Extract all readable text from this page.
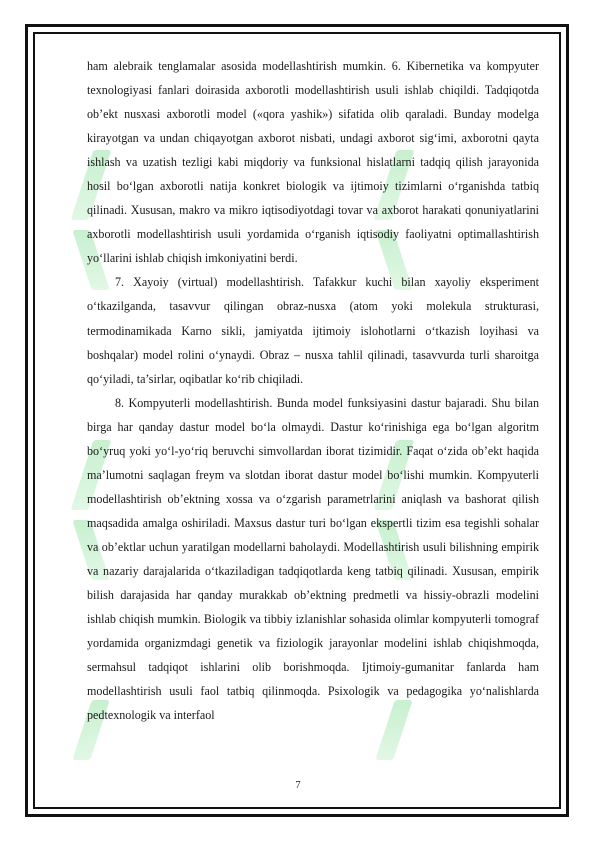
ham alebraik tenglamalar asosida modellashtirish mumkin. 6. Kibernetika va kompyuter texnologiyasi fanlari doirasida axborotli modellashtirish usuli ishlab chiqildi. Tadqiqotda ob’ekt nusxasi axborotli model («qora yashik») sifatida olib qaraladi. Bunday modelga kirayotgan va undan chiqayotgan axborot nisbati, undagi axborot sig‘imi, axborotni qayta ishlash va uzatish tezligi kabi miqdoriy va funksional hislatlarni tadqiq qilish jarayonida hosil bo‘lgan axborotli natija konkret biologik va ijtimoiy tizimlarni o‘rganishda tatbiq qilinadi. Xususan, makro va mikro iqtisodiyotdagi tovar va axborot harakati qonuniyatlarini axborotli modellashtirish usuli yordamida o‘rganish iqtisodiy faoliyatni optimallashtirish yo‘llarini ishlab chiqish imkoniyatini berdi.

7. Xayoiy (virtual) modellashtirish. Tafakkur kuchi bilan xayoliy eksperiment o‘tkazilganda, tasavvur qilingan obraz-nusxa (atom yoki molekula strukturasi, termodinamikada Karno sikli, jamiyatda ijtimoiy islohotlarni o‘tkazish loyihasi va boshqalar) model rolini o‘ynaydi. Obraz – nusxa tahlil qilinadi, tasavvurda turli sharoitga qo‘yiladi, ta’sirlar, oqibatlar ko‘rib chiqiladi.

8. Kompyuterli modellashtirish. Bunda model funksiyasini dastur bajaradi. Shu bilan birga har qanday dastur model bo‘la olmaydi. Dastur ko‘rinishiga ega bo‘lgan algoritm bo‘yruq yoki yo‘l-yo‘riq beruvchi simvollardan iborat tizimidir. Faqat o‘zida ob’ekt haqida ma’lumotni saqlagan freym va slotdan iborat dastur model bo‘lishi mumkin. Kompyuterli modellashtirish ob’ektning xossa va o‘zgarish parametrlarini aniqlash va bashorat qilish maqsadida amalga oshiriladi. Maxsus dastur turi bo‘lgan ekspertli tizim esa tegishli sohalar va ob’ektlar uchun yaratilgan modellarni baholaydi. Modellashtirish usuli bilishning empirik va nazariy darajalarida o‘tkaziladigan tadqiqotlarda keng tatbiq qilinadi. Xususan, empirik bilish darajasida har qanday murakkab ob’ektning predmetli va hissiy-obrazli modelini ishlab chiqish mumkin. Biologik va tibbiy izlanishlar sohasida olimlar kompyuterli tomograf yordamida organizmdagi genetik va fiziologik jarayonlar modelini ishlab chiqishmoqda, sermahsul tadqiqot ishlarini olib borishmoqda. Ijtimoiy-gumanitar fanlarda ham modellashtirish usuli faol tatbiq qilinmoqda. Psixologik va pedagogika yo‘nalishlarda pedtexnologik va interfaol

7
